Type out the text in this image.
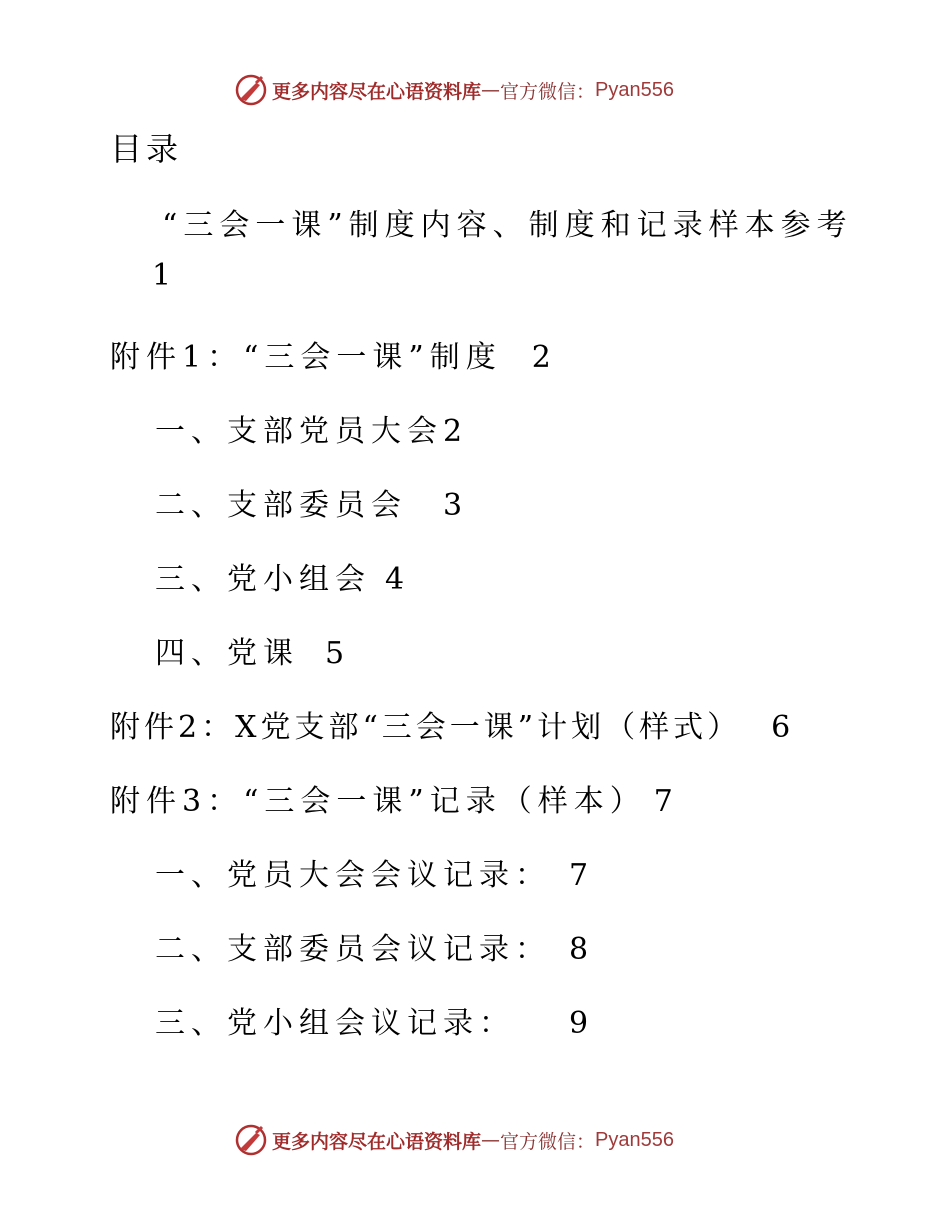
更多内容尽在心语资料库 — 官方微信： Pyan556
目录
“三会一课”制度内容、制度和记录样本参考
1
附件1：“三会一课”制度 2
一、支部党员大会2
二、支部委员会 3
三、党小组会 4
四、党课 5
附件2：X党支部“三会一课”计划（样式） 6
附件3：“三会一课”记录（样本） 7
一、党员大会会议记录： 7
二、支部委员会议记录： 8
三、党小组会议记录： 9
更多内容尽在心语资料库 — 官方微信： Pyan556
